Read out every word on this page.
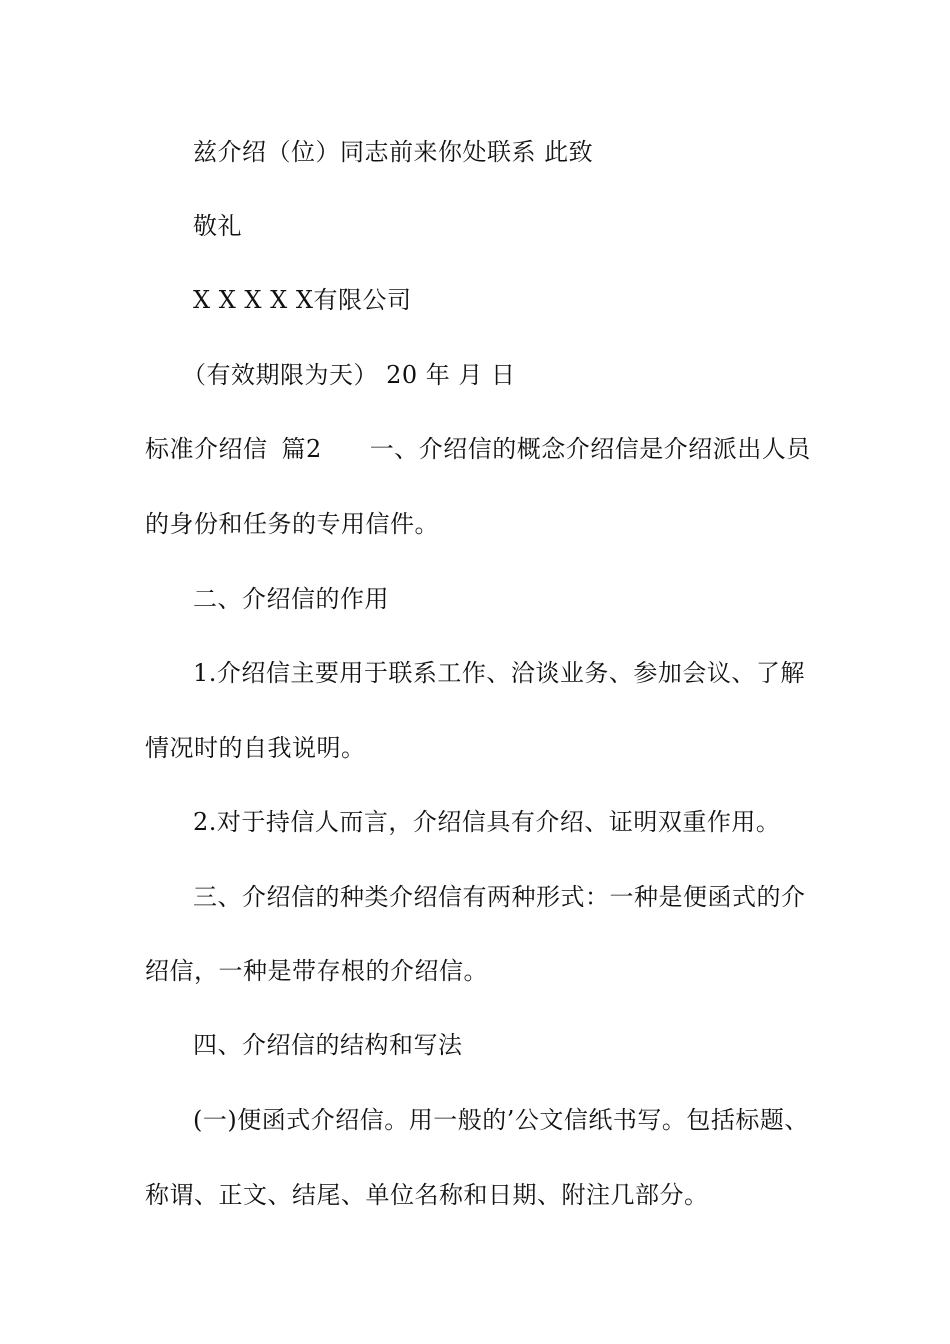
兹介绍（位）同志前来你处联系 此致
敬礼
X X X X X有限公司
（有效期限为天） 20 年 月 日
标准介绍信 篇2 一、介绍信的概念介绍信是介绍派出人员
的身份和任务的专用信件。
二、介绍信的作用
1.介绍信主要用于联系工作、洽谈业务、参加会议、了解
情况时的自我说明。
2.对于持信人而言，介绍信具有介绍、证明双重作用。
三、介绍信的种类介绍信有两种形式：一种是便函式的介
绍信，一种是带存根的介绍信。
四、介绍信的结构和写法
(一)便函式介绍信。用一般的’公文信纸书写。包括标题、
称谓、正文、结尾、单位名称和日期、附注几部分。
